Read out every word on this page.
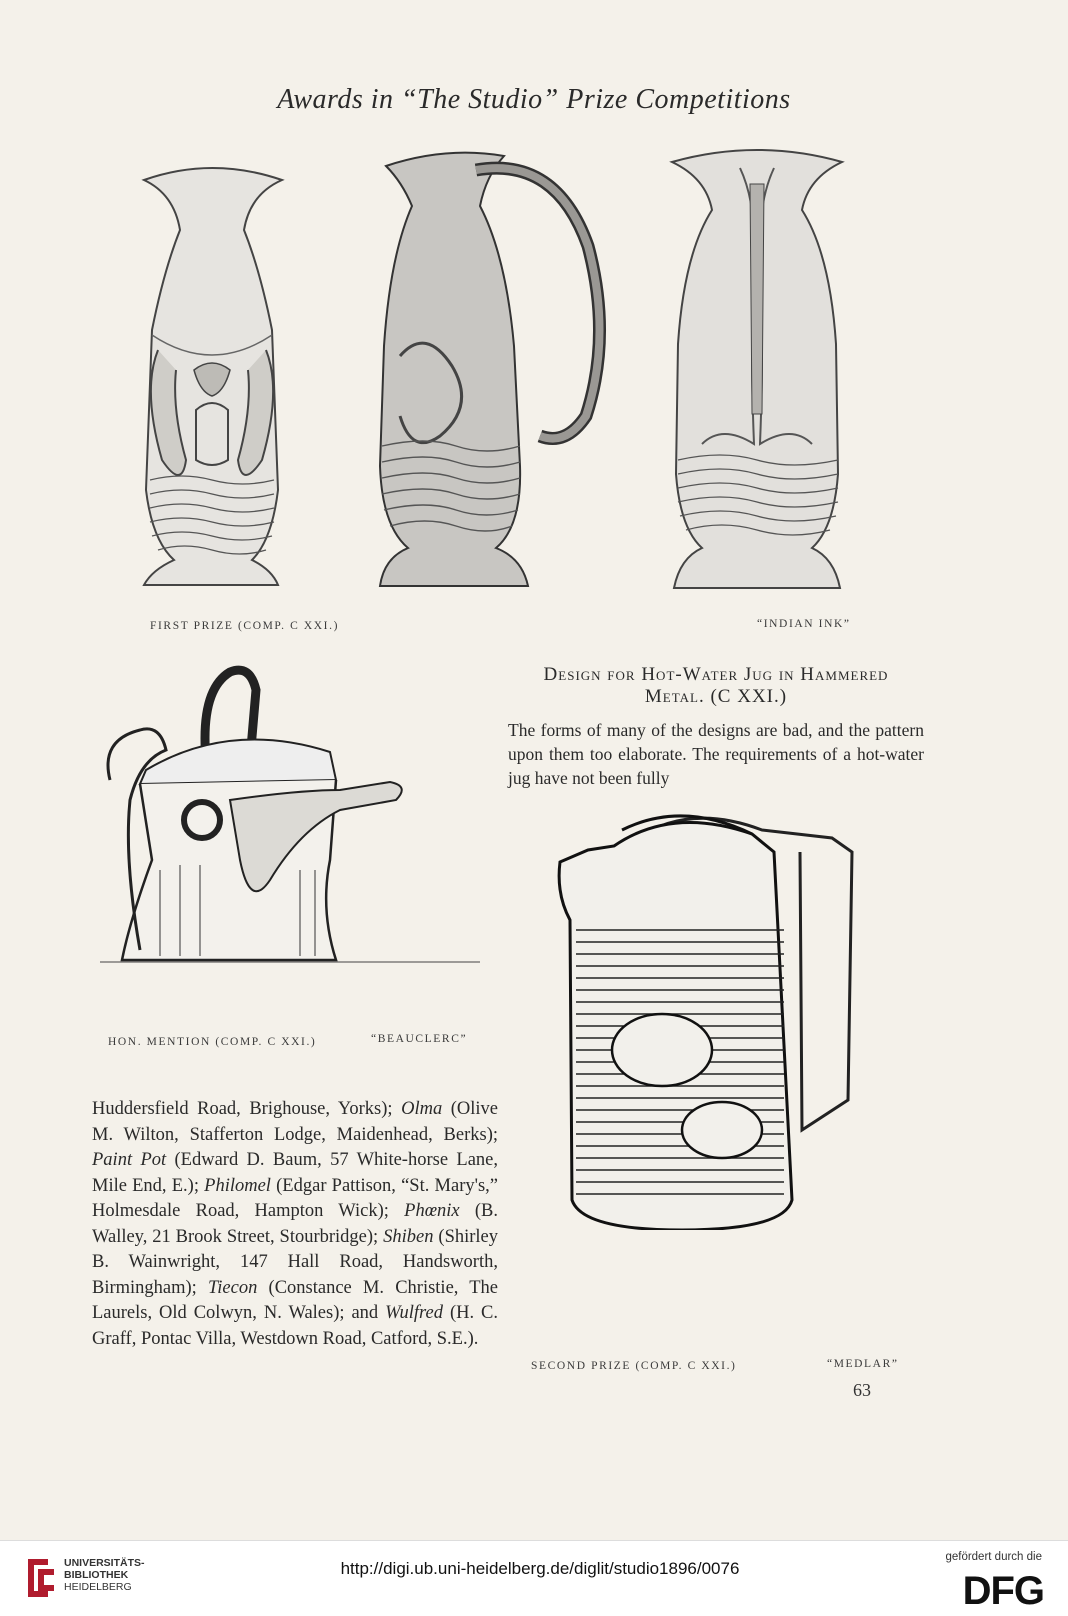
Awards in “The Studio” Prize Competitions
FIRST PRIZE (COMP. C XXI.)	“INDIAN INK”
HON. MENTION (COMP. C XXI.)	“BEAUCLERC”
Design for Hot-Water Jug in Hammered
Metal. (C XXI.)
The forms of many of the designs are bad, and the pattern upon them too elaborate. The requirements of a hot-water jug have not been fully
SECOND PRIZE (COMP. C XXI.)	“MEDLAR”
Huddersfield Road, Brighouse, Yorks); Olma (Olive M. Wilton, Stafferton Lodge, Maidenhead, Berks); Paint Pot (Edward D. Baum, 57 White-horse Lane, Mile End, E.); Philomel (Edgar Pattison, “St. Mary's,” Holmesdale Road, Hampton Wick); Phœnix (B. Walley, 21 Brook Street, Stourbridge); Shiben (Shirley B. Wainwright, 147 Hall Road, Handsworth, Birmingham); Tiecon (Constance M. Christie, The Laurels, Old Colwyn, N. Wales); and Wulfred (H. C. Graff, Pontac Villa, Westdown Road, Catford, S.E.).
63
UNIVERSITÄTS-
BIBLIOTHEK
HEIDELBERG
http://digi.ub.uni-heidelberg.de/diglit/studio1896/0076
gefördert durch die
DFG
